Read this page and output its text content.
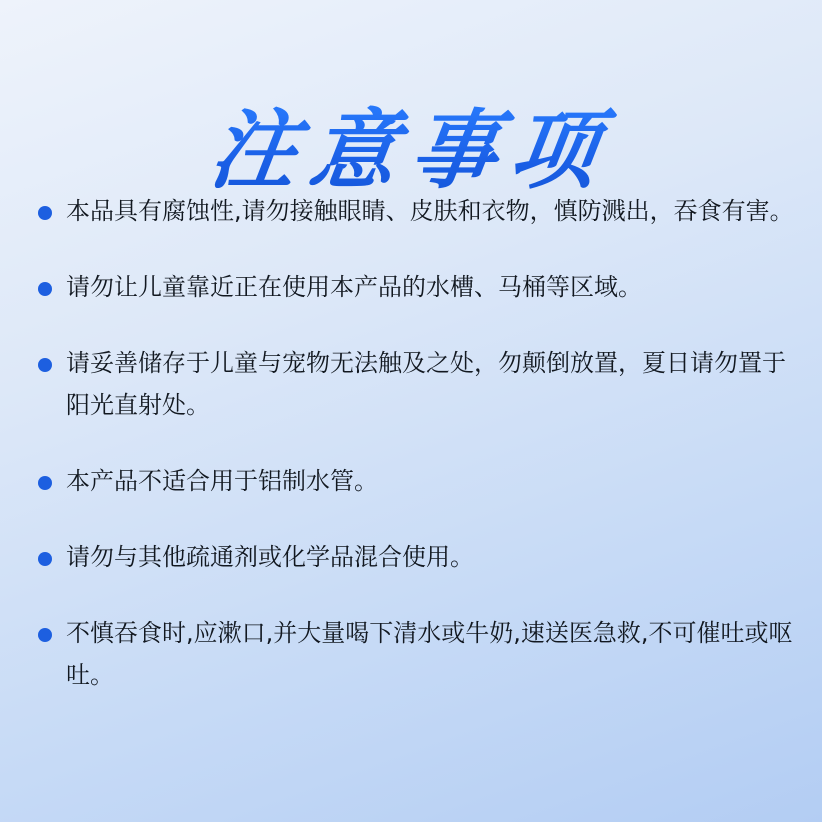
注意事项
本品具有腐蚀性,请勿接触眼睛、皮肤和衣物，慎防溅出，吞食有害。
请勿让儿童靠近正在使用本产品的水槽、马桶等区域。
请妥善储存于儿童与宠物无法触及之处，勿颠倒放置，夏日请勿置于阳光直射处。
本产品不适合用于铝制水管。
请勿与其他疏通剂或化学品混合使用。
不慎吞食时,应漱口,并大量喝下清水或牛奶,速送医急救,不可催吐或呕吐。
